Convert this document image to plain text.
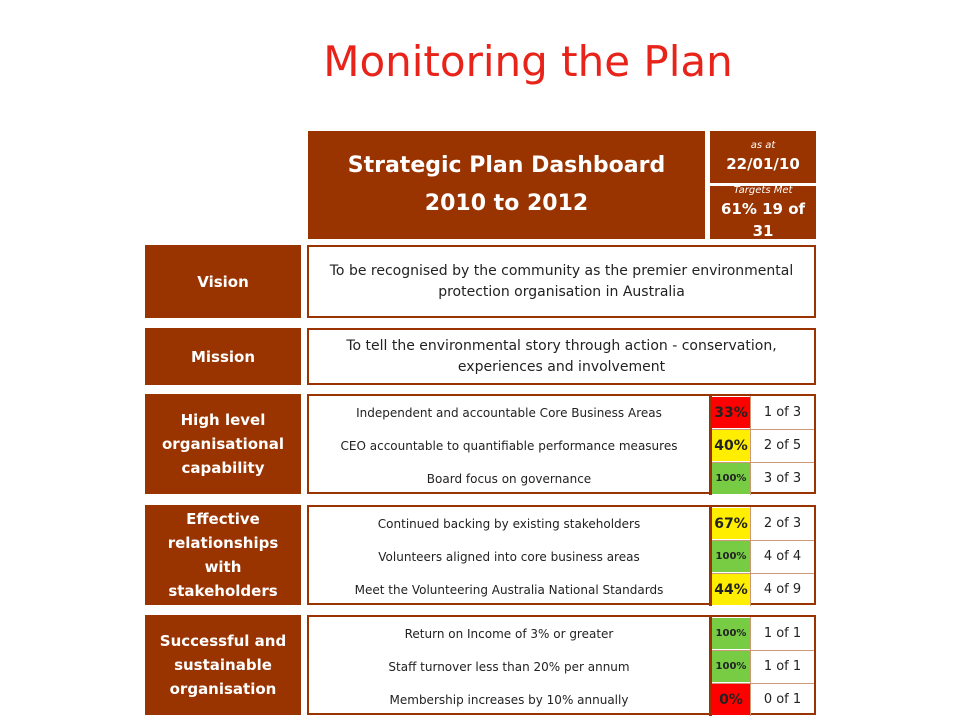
Monitoring the Plan
Strategic Plan Dashboard
2010 to 2012
as at
22/01/10
Targets Met
61% 19 of 31
Vision
To be recognised by the community as the premier environmental protection organisation in Australia
Mission
To tell the environmental story through action - conservation, experiences and involvement
High level organisational capability
Independent and accountable Core Business Areas	33%	1 of 3
CEO accountable to quantifiable performance measures	40%	2 of 5
Board focus on governance	100%	3 of 3
Effective relationships with stakeholders
Continued backing by existing stakeholders	67%	2 of 3
Volunteers aligned into core business areas	100%	4 of 4
Meet the Volunteering Australia National Standards	44%	4 of 9
Successful and sustainable organisation
Return on Income of 3% or greater	100%	1 of 1
Staff turnover less than 20% per annum	100%	1 of 1
Membership increases by 10% annually	0%	0 of 1
